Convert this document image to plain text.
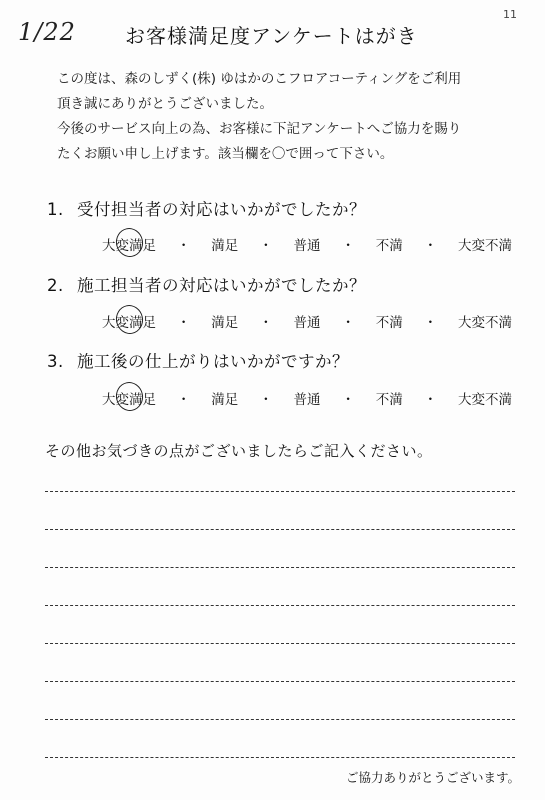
1/22
11
お客様満足度アンケートはがき

この度は、森のしずく(株) ゆはかのこフロアコーティングをご利用

頂き誠にありがとうございました。

今後のサービス向上の為、お客様に下記アンケートへご協力を賜り

たくお願い申し上げます。該当欄を〇で囲って下さい。

1. 受付担当者の対応はいかがでしたか？
大変満足 ・ 満足 ・ 普通 ・ 不満 ・ 大変不満
2. 施工担当者の対応はいかがでしたか？
大変満足 ・ 満足 ・ 普通 ・ 不満 ・ 大変不満
3. 施工後の仕上がりはいかがですか？
大変満足 ・ 満足 ・ 普通 ・ 不満 ・ 大変不満
その他お気づきの点がございましたらご記入ください。
ご協力ありがとうございます。
